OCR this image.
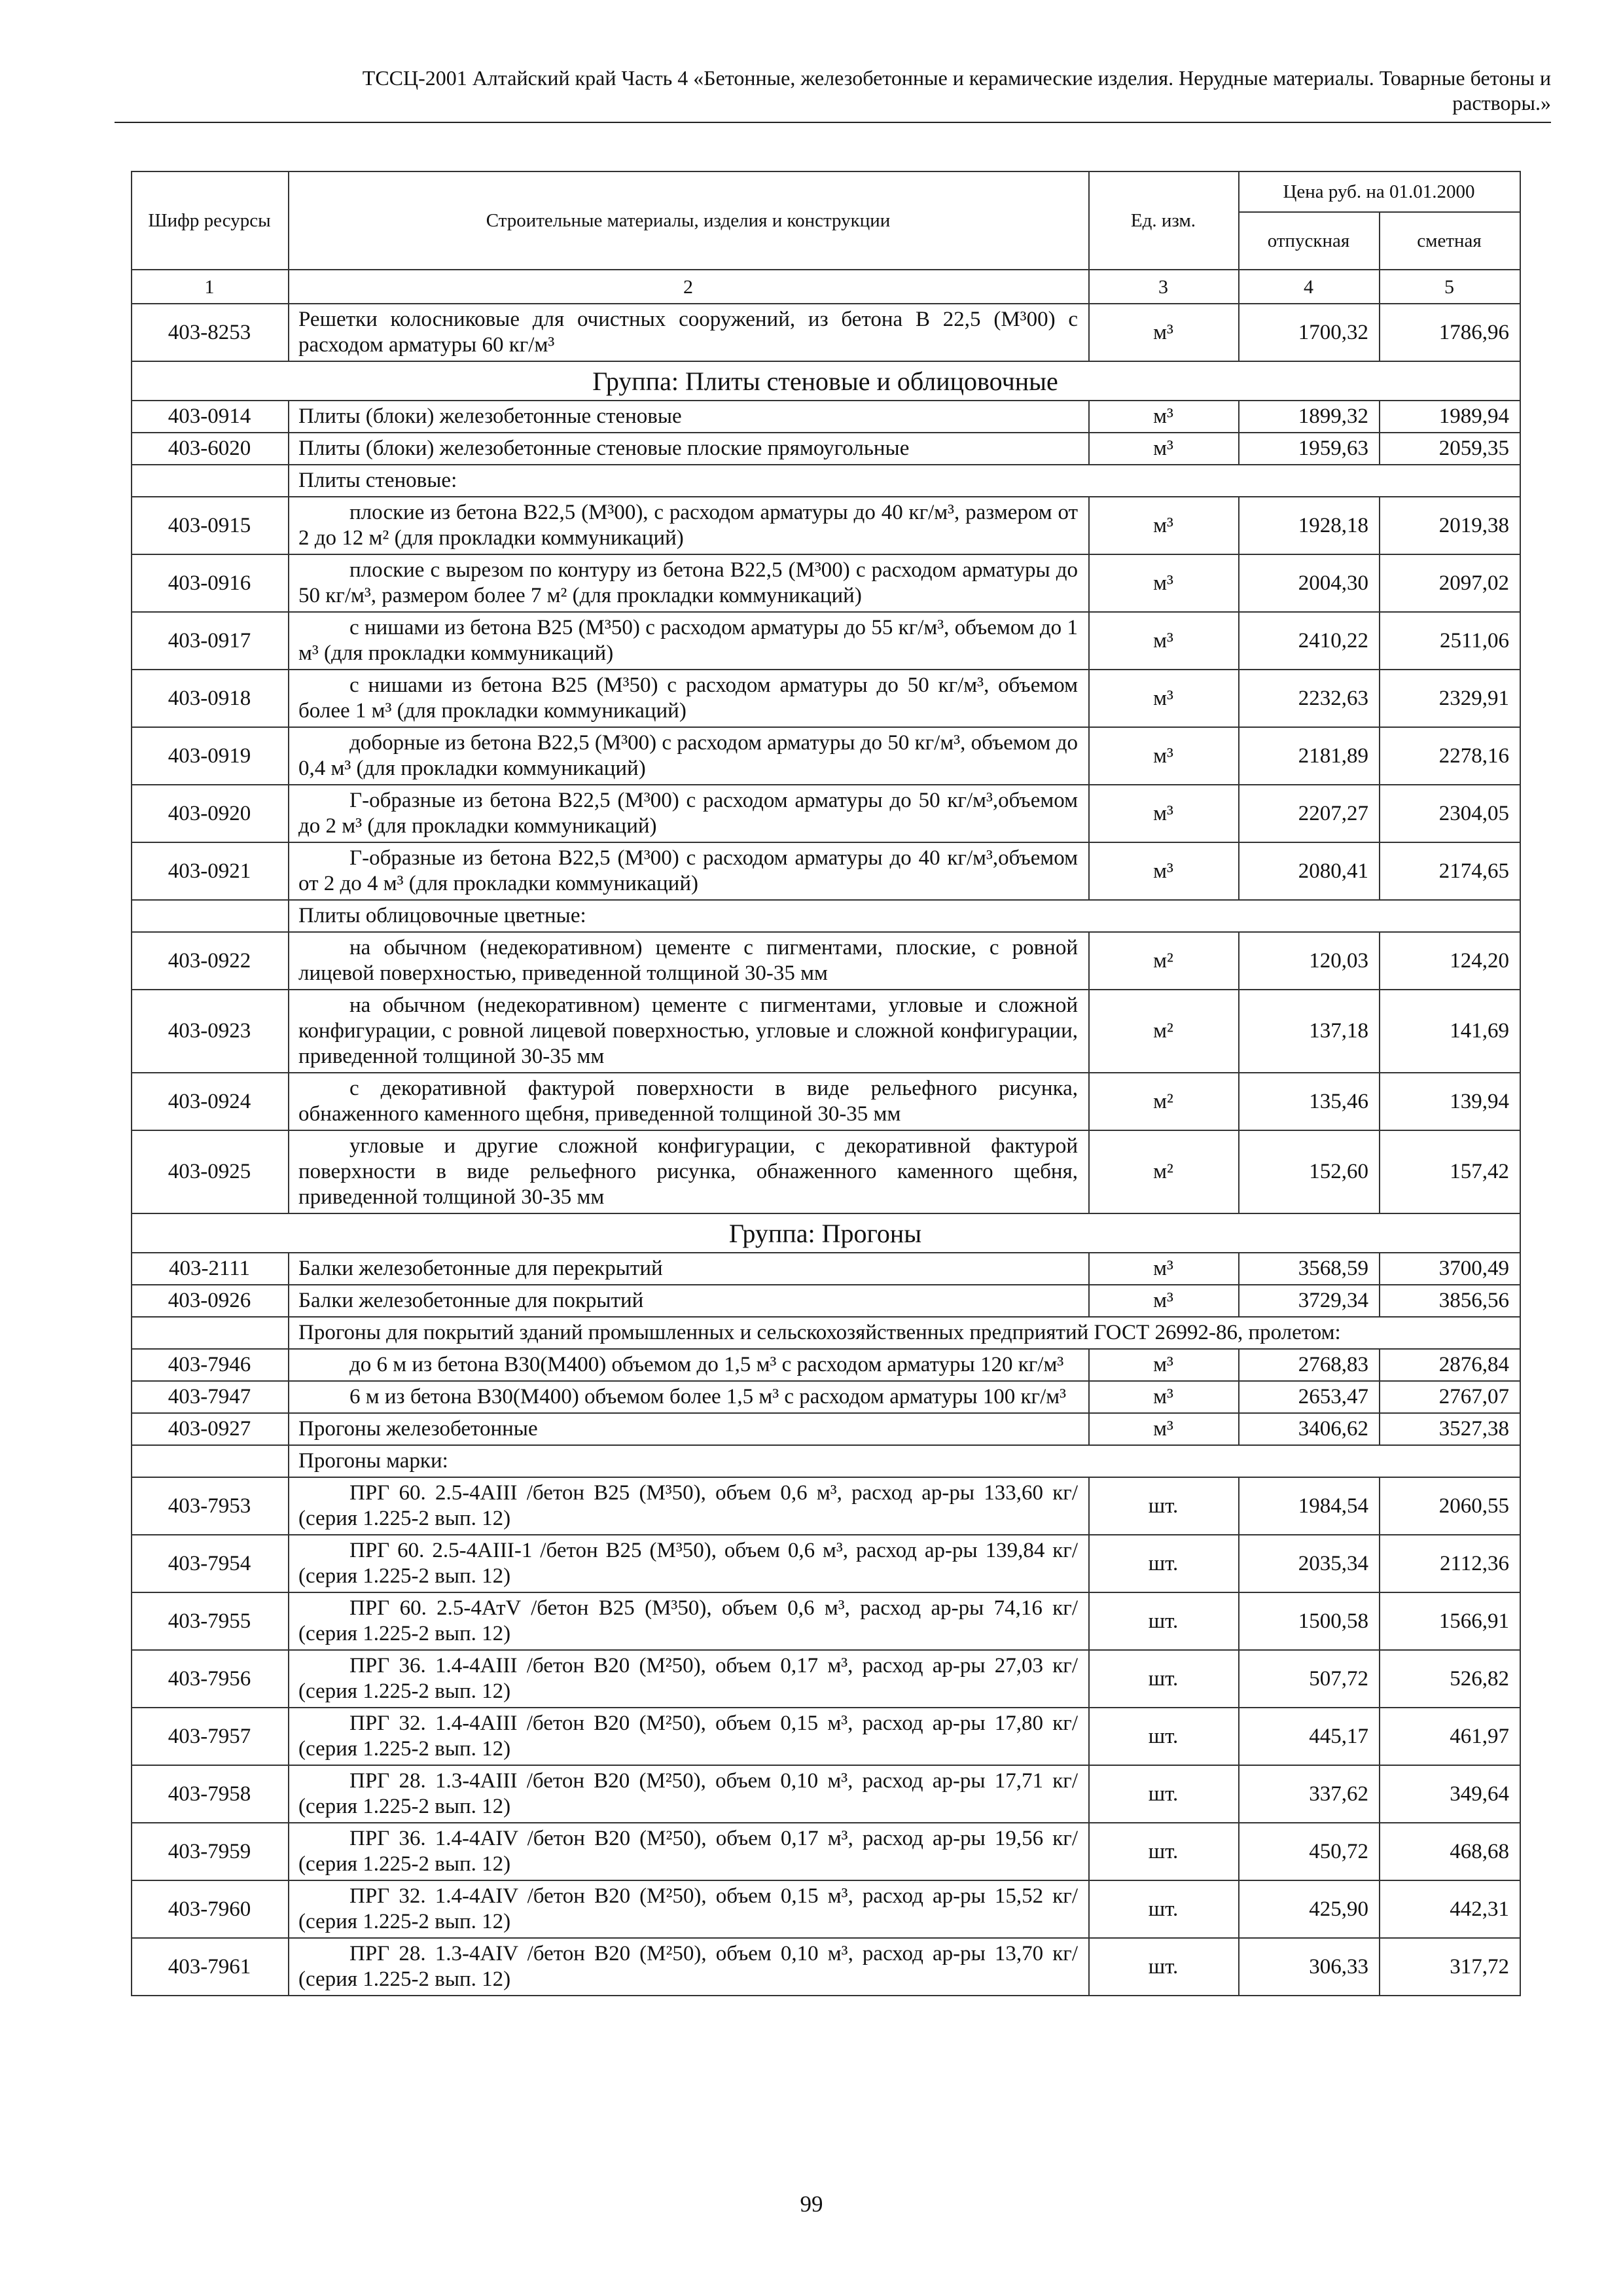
ТССЦ-2001 Алтайский край Часть 4 «Бетонные, железобетонные и керамические изделия. Нерудные материалы. Товарные бетоны и
растворы.»
Шифр ресурсы	Строительные материалы, изделия и конструкции	Ед. изм.	Цена руб. на 01.01.2000	
			отпускная	сметная
1	2	3	4	5
403-8253	Решетки колосниковые для очистных сооружений, из бетона В 22,5 (М³00) с расходом арматуры 60 кг/м³	м³	1700,32	1786,96
Группа: Плиты стеновые и облицовочные				
403-0914	Плиты (блоки) железобетонные стеновые	м³	1899,32	1989,94
403-6020	Плиты (блоки) железобетонные стеновые плоские прямоугольные	м³	1959,63	2059,35
	Плиты стеновые:			
403-0915	плоские из бетона В22,5 (М³00), с расходом арматуры до 40 кг/м³, размером от 2 до 12 м² (для прокладки коммуникаций)	м³	1928,18	2019,38
403-0916	плоские с вырезом по контуру из бетона В22,5 (М³00) с расходом арматуры до 50 кг/м³, размером более 7 м² (для прокладки коммуникаций)	м³	2004,30	2097,02
403-0917	с нишами из бетона В25 (М³50) с расходом арматуры до 55 кг/м³, объемом до 1 м³ (для прокладки коммуникаций)	м³	2410,22	2511,06
403-0918	с нишами из бетона В25 (М³50) с расходом арматуры до 50 кг/м³, объемом более 1 м³ (для прокладки коммуникаций)	м³	2232,63	2329,91
403-0919	доборные из бетона В22,5 (М³00) с расходом арматуры до 50 кг/м³, объемом до 0,4 м³ (для прокладки коммуникаций)	м³	2181,89	2278,16
403-0920	Г-образные из бетона В22,5 (М³00) с расходом арматуры до 50 кг/м³,объемом до 2 м³ (для прокладки коммуникаций)	м³	2207,27	2304,05
403-0921	Г-образные из бетона В22,5 (М³00) с расходом арматуры до 40 кг/м³,объемом от 2 до 4 м³ (для прокладки коммуникаций)	м³	2080,41	2174,65
	Плиты облицовочные цветные:			
403-0922	на обычном (недекоративном) цементе с пигментами, плоские, с ровной лицевой поверхностью, приведенной толщиной 30-35 мм	м²	120,03	124,20
403-0923	на обычном (недекоративном) цементе с пигментами, угловые и сложной конфигурации, с ровной лицевой поверхностью, угловые и сложной конфигурации, приведенной толщиной 30-35 мм	м²	137,18	141,69
403-0924	с декоративной фактурой поверхности в виде рельефного рисунка, обнаженного каменного щебня, приведенной толщиной 30-35 мм	м²	135,46	139,94
403-0925	угловые и другие сложной конфигурации, с декоративной фактурой поверхности в виде рельефного рисунка, обнаженного каменного щебня, приведенной толщиной 30-35 мм	м²	152,60	157,42
Группа: Прогоны				
403-2111	Балки железобетонные для перекрытий	м³	3568,59	3700,49
403-0926	Балки железобетонные для покрытий	м³	3729,34	3856,56
	Прогоны для покрытий зданий промышленных и сельскохозяйственных предприятий ГОСТ 26992-86, пролетом:			
403-7946	до 6 м из бетона В30(М400) объемом до 1,5 м³ с расходом арматуры 120 кг/м³	м³	2768,83	2876,84
403-7947	6 м из бетона В30(М400) объемом более 1,5 м³ с расходом арматуры 100 кг/м³	м³	2653,47	2767,07
403-0927	Прогоны железобетонные	м³	3406,62	3527,38
	Прогоны марки:			
403-7953	ПРГ 60. 2.5-4АIII /бетон В25 (М³50), объем 0,6 м³, расход ар-ры 133,60 кг/ (серия 1.225-2 вып. 12)	шт.	1984,54	2060,55
403-7954	ПРГ 60. 2.5-4АIII-1 /бетон В25 (М³50), объем 0,6 м³, расход ар-ры 139,84 кг/ (серия 1.225-2 вып. 12)	шт.	2035,34	2112,36
403-7955	ПРГ 60. 2.5-4АтV /бетон В25 (М³50), объем 0,6 м³, расход ар-ры 74,16 кг/ (серия 1.225-2 вып. 12)	шт.	1500,58	1566,91
403-7956	ПРГ 36. 1.4-4АIII /бетон В20 (М²50), объем 0,17 м³, расход ар-ры 27,03 кг/ (серия 1.225-2 вып. 12)	шт.	507,72	526,82
403-7957	ПРГ 32. 1.4-4АIII /бетон В20 (М²50), объем 0,15 м³, расход ар-ры 17,80 кг/ (серия 1.225-2 вып. 12)	шт.	445,17	461,97
403-7958	ПРГ 28. 1.3-4АIII /бетон В20 (М²50), объем 0,10 м³, расход ар-ры 17,71 кг/ (серия 1.225-2 вып. 12)	шт.	337,62	349,64
403-7959	ПРГ 36. 1.4-4АIV /бетон В20 (М²50), объем 0,17 м³, расход ар-ры 19,56 кг/ (серия 1.225-2 вып. 12)	шт.	450,72	468,68
403-7960	ПРГ 32. 1.4-4АIV /бетон В20 (М²50), объем 0,15 м³, расход ар-ры 15,52 кг/ (серия 1.225-2 вып. 12)	шт.	425,90	442,31
403-7961	ПРГ 28. 1.3-4АIV /бетон В20 (М²50), объем 0,10 м³, расход ар-ры 13,70 кг/ (серия 1.225-2 вып. 12)	шт.	306,33	317,72
99
